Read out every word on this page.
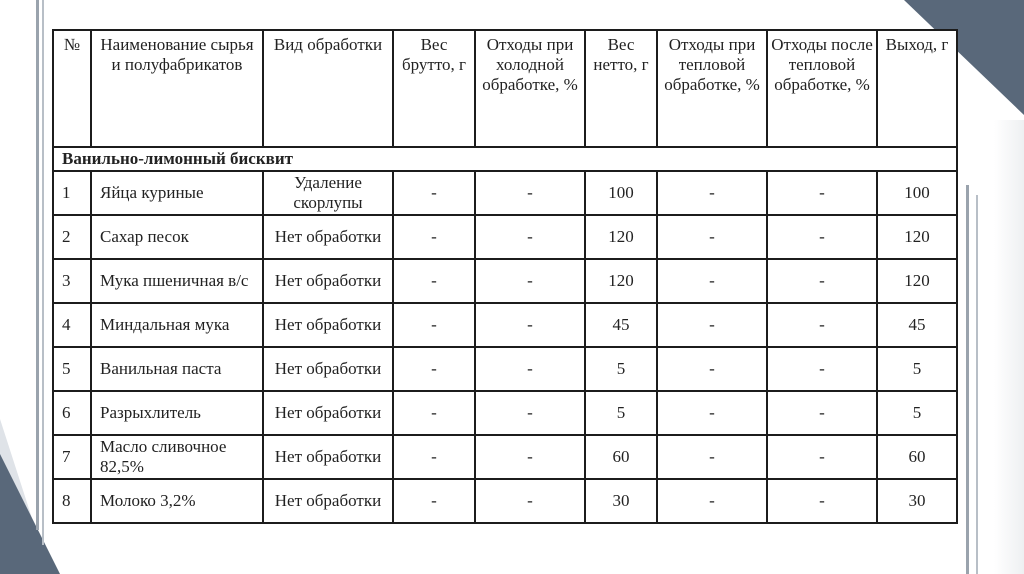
№	Наименование сырья и полуфабрикатов	Вид обработки	Вес брутто, г	Отходы при холодной обработке, %	Вес нетто, г	Отходы при тепловой обработке, %	Отходы после тепловой обработке, %	Выход, г
Ванильно-лимонный бисквит								
1	Яйца куриные	Удаление скорлупы	-	-	100	-	-	100
2	Сахар песок	Нет обработки	-	-	120	-	-	120
3	Мука пшеничная в/с	Нет обработки	-	-	120	-	-	120
4	Миндальная мука	Нет обработки	-	-	45	-	-	45
5	Ванильная паста	Нет обработки	-	-	5	-	-	5
6	Разрыхлитель	Нет обработки	-	-	5	-	-	5
7	Масло сливочное 82,5%	Нет обработки	-	-	60	-	-	60
8	Молоко 3,2%	Нет обработки	-	-	30	-	-	30
